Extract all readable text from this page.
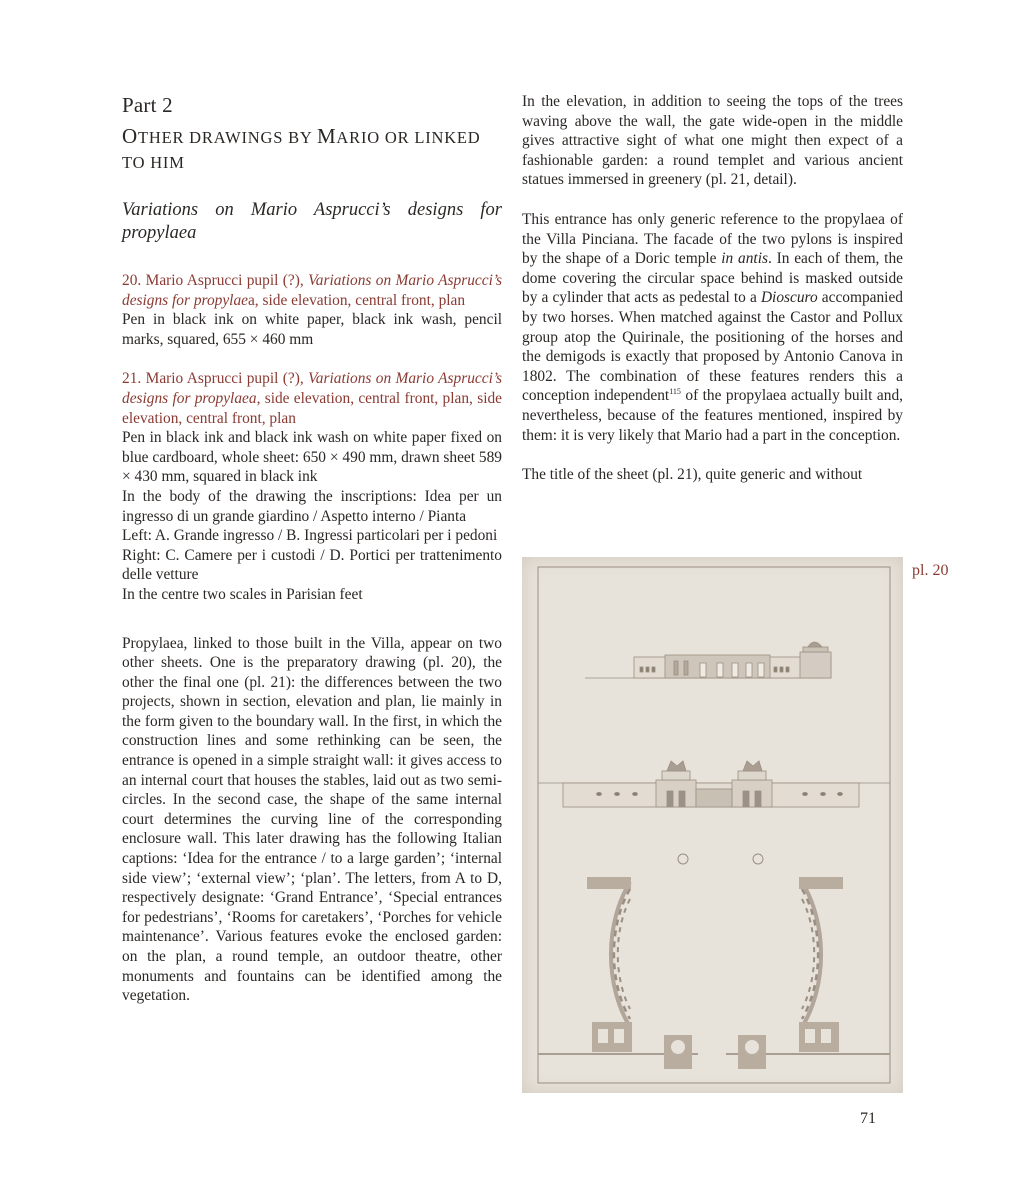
Part 2
OTHER DRAWINGS BY MARIO OR LINKED
TO HIM
Variations on Mario Asprucci’s designs for propylaea

20. Mario Asprucci pupil (?), Variations on Mario Asprucci’s designs for propylaea, side elevation, central front, plan

Pen in black ink on white paper, black ink wash, pencil marks, squared, 655 × 460 mm

21. Mario Asprucci pupil (?), Variations on Mario Asprucci’s designs for propylaea, side elevation, central front, plan, side elevation, central front, plan

Pen in black ink and black ink wash on white paper fixed on blue cardboard, whole sheet: 650 × 490 mm, drawn sheet 589 × 430 mm, squared in black ink

In the body of the drawing the inscriptions: Idea per un ingresso di un grande giardino / Aspetto interno / Pianta

Left: A. Grande ingresso / B. Ingressi particolari per i pedoni

Right: C. Camere per i custodi / D. Portici per trattenimento delle vetture

In the centre two scales in Parisian feet

Propylaea, linked to those built in the Villa, appear on two other sheets. One is the preparatory drawing (pl. 20), the other the final one (pl. 21): the differences between the two projects, shown in section, elevation and plan, lie mainly in the form given to the boundary wall. In the first, in which the construction lines and some rethinking can be seen, the entrance is opened in a simple straight wall: it gives access to an internal court that houses the stables, laid out as two semi-circles. In the second case, the shape of the same internal court determines the curving line of the corresponding enclosure wall. This later drawing has the following Italian captions: ‘Idea for the entrance / to a large garden’; ‘internal side view’; ‘external view’; ‘plan’. The letters, from A to D, respectively designate: ‘Grand Entrance’, ‘Special entrances for pedestrians’, ‘Rooms for caretakers’, ‘Porches for vehicle maintenance’. Various features evoke the enclosed garden: on the plan, a round temple, an outdoor theatre, other monuments and fountains can be identified among the vegetation.

In the elevation, in addition to seeing the tops of the trees waving above the wall, the gate wide-open in the middle gives attractive sight of what one might then expect of a fashionable garden: a round templet and various ancient statues immersed in greenery (pl. 21, detail).

This entrance has only generic reference to the propylaea of the Villa Pinciana. The facade of the two pylons is inspired by the shape of a Doric temple in antis. In each of them, the dome covering the circular space behind is masked outside by a cylinder that acts as pedestal to a Dioscuro accompanied by two horses. When matched against the Castor and Pollux group atop the Quirinale, the positioning of the horses and the demigods is exactly that proposed by Antonio Canova in 1802. The combination of these features renders this a conception independent$^{115}$ of the propylaea actually built and, nevertheless, because of the features mentioned, inspired by them: it is very likely that Mario had a part in the conception.

The title of the sheet (pl. 21), quite generic and without

pl. 20
71
